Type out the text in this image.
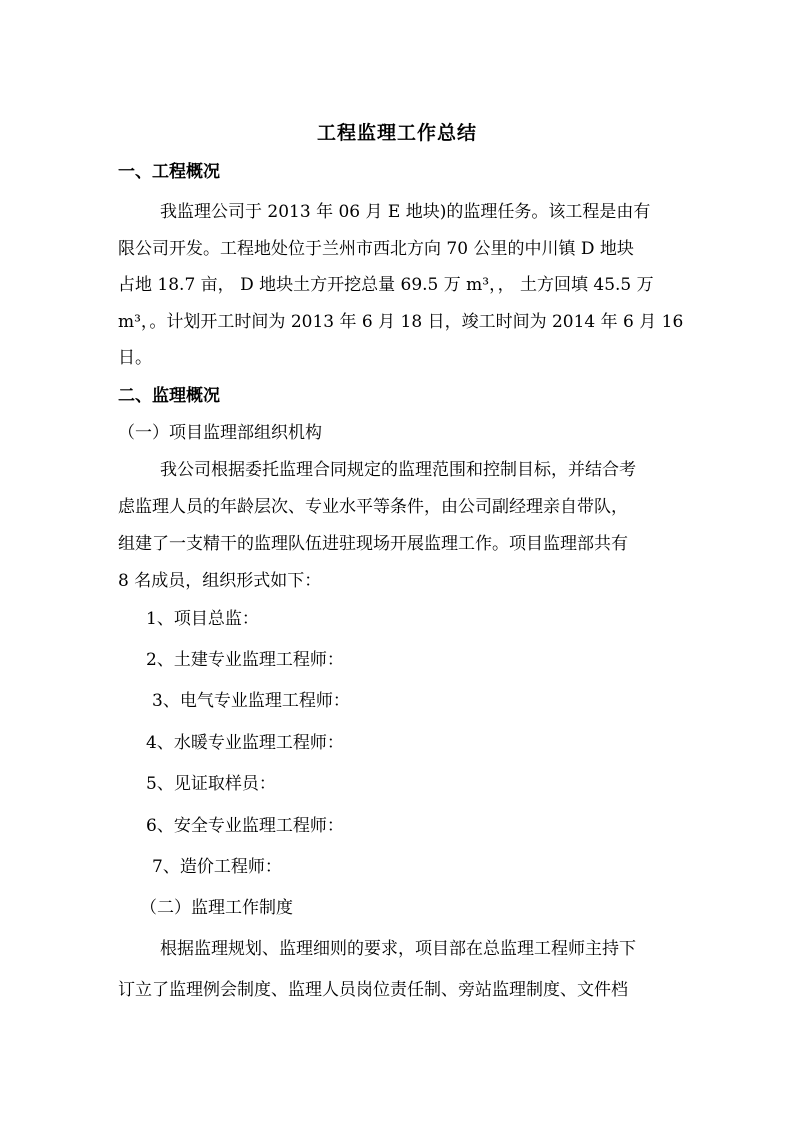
工程监理工作总结
一、工程概况
我监理公司于 2013 年 06 月 E 地块)的监理任务。该工程是由有
限公司开发。工程地处位于兰州市西北方向 70 公里的中川镇 D 地块
占地 18.7 亩， D 地块土方开挖总量 69.5 万 m³，， 土方回填 45.5 万
m³，。计划开工时间为 2013 年 6 月 18 日，竣工时间为 2014 年 6 月 16
日。
二、监理概况
（一）项目监理部组织机构
我公司根据委托监理合同规定的监理范围和控制目标，并结合考
虑监理人员的年龄层次、专业水平等条件，由公司副经理亲自带队，
组建了一支精干的监理队伍进驻现场开展监理工作。项目监理部共有
8 名成员，组织形式如下：
1、项目总监：
2、土建专业监理工程师：
3、电气专业监理工程师：
4、水暖专业监理工程师：
5、见证取样员：
6、安全专业监理工程师：
7、造价工程师：
（二）监理工作制度
根据监理规划、监理细则的要求，项目部在总监理工程师主持下
订立了监理例会制度、监理人员岗位责任制、旁站监理制度、文件档
